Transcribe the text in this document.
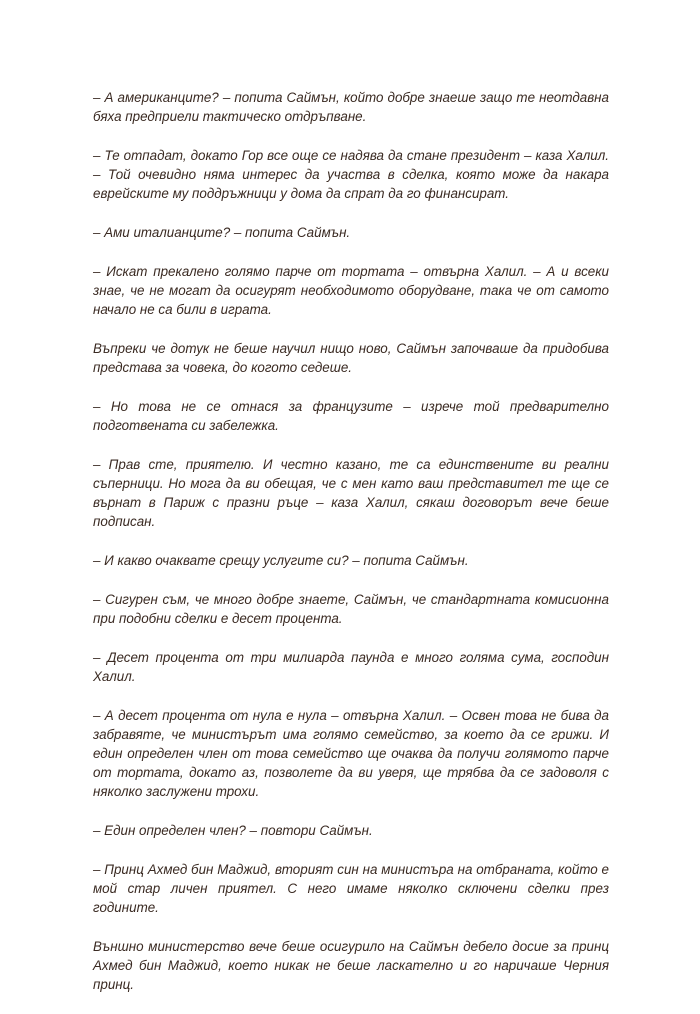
– А американците? – попита Саймън, който добре знаеше защо те неотдавна бяха предприели тактическо отдръпване.

– Те отпадат, докато Гор все още се надява да стане президент – каза Халил. – Той очевидно няма интерес да участва в сделка, която може да накара еврейските му поддръжници у дома да спрат да го финансират.

– Ами италианците? – попита Саймън.

– Искат прекалено голямо парче от тортата – отвърна Халил. – А и всеки знае, че не могат да осигурят необходимото оборудване, така че от самото начало не са били в играта.

Въпреки че дотук не беше научил нищо ново, Саймън започваше да придобива представа за човека, до когото седеше.

– Но това не се отнася за французите – изрече той предварително подготвената си забележка.

– Прав сте, приятелю. И честно казано, те са единствените ви реални съперници. Но мога да ви обещая, че с мен като ваш представител те ще се върнат в Париж с празни ръце – каза Халил, сякаш договорът вече беше подписан.

– И какво очаквате срещу услугите си? – попита Саймън.

– Сигурен съм, че много добре знаете, Саймън, че стандартната комисионна при подобни сделки е десет процента.

– Десет процента от три милиарда паунда е много голяма сума, господин Халил.

– А десет процента от нула е нула – отвърна Халил. – Освен това не бива да забравяте, че министърът има голямо семейство, за което да се грижи. И един определен член от това семейство ще очаква да получи голямото парче от тортата, докато аз, позволете да ви уверя, ще трябва да се задоволя с няколко заслужени трохи.

– Един определен член? – повтори Саймън.

– Принц Ахмед бин Маджид, вторият син на министъра на отбраната, който е мой стар личен приятел. С него имаме няколко сключени сделки през годините.

Външно министерство вече беше осигурило на Саймън дебело досие за принц Ахмед бин Маджид, което никак не беше ласкателно и го наричаше Черния принц.
